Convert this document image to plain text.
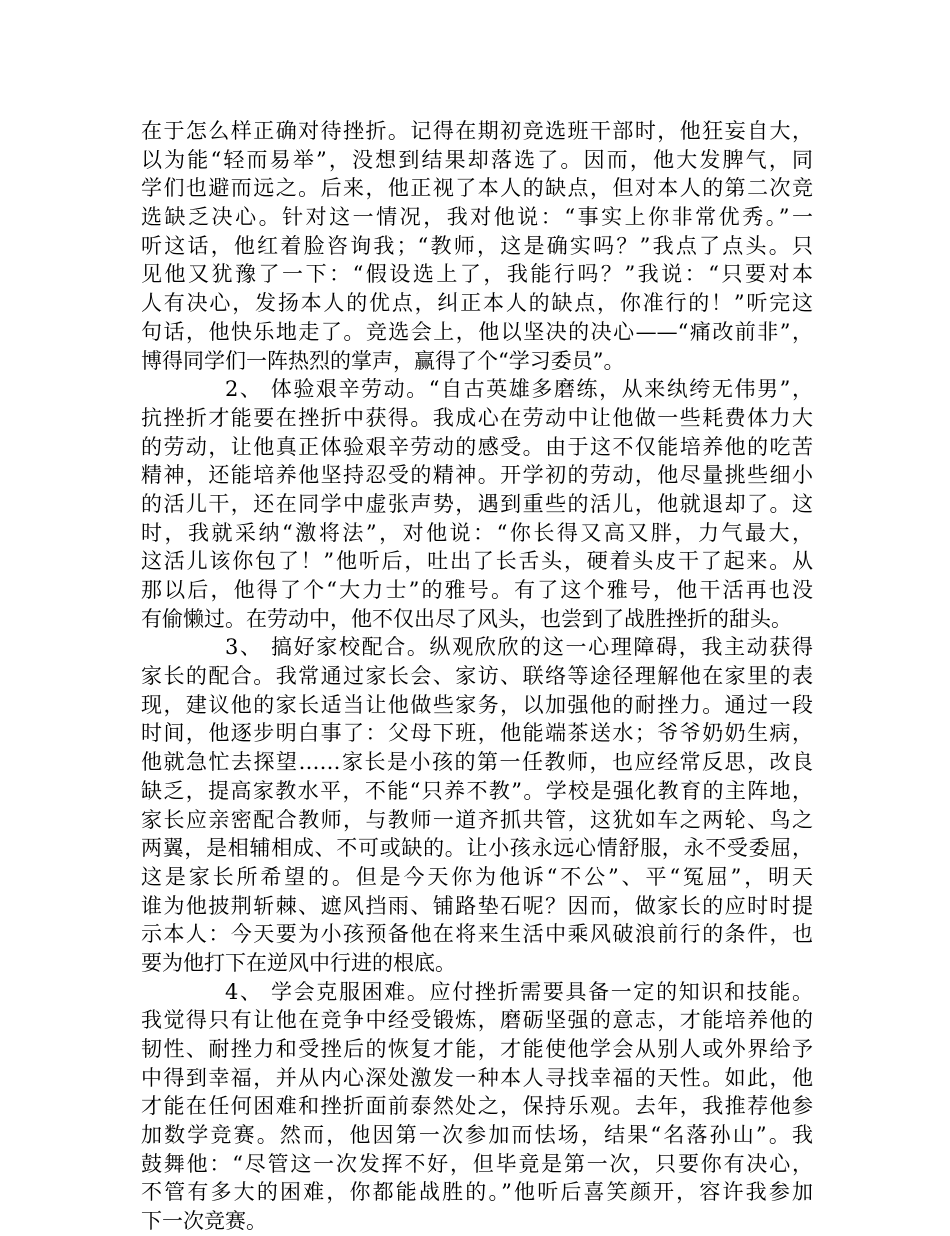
在于怎么样正确对待挫折。记得在期初竞选班干部时，他狂妄自大，
以为能“轻而易举”，没想到结果却落选了。因而，他大发脾气，同
学们也避而远之。后来，他正视了本人的缺点，但对本人的第二次竞
选缺乏决心。针对这一情况，我对他说：“事实上你非常优秀。”一
听这话，他红着脸咨询我；“教师，这是确实吗？”我点了点头。只
见他又犹豫了一下：“假设选上了，我能行吗？”我说：“只要对本
人有决心，发扬本人的优点，纠正本人的缺点，你准行的！”听完这
句话，他快乐地走了。竞选会上，他以坚决的决心——“痛改前非”，
博得同学们一阵热烈的掌声，赢得了个“学习委员”。
2、 体验艰辛劳动。“自古英雄多磨练，从来纨绔无伟男”，
抗挫折才能要在挫折中获得。我成心在劳动中让他做一些耗费体力大
的劳动，让他真正体验艰辛劳动的感受。由于这不仅能培养他的吃苦
精神，还能培养他坚持忍受的精神。开学初的劳动，他尽量挑些细小
的活儿干，还在同学中虚张声势，遇到重些的活儿，他就退却了。这
时，我就采纳“激将法”，对他说：“你长得又高又胖，力气最大，
这活儿该你包了！”他听后，吐出了长舌头，硬着头皮干了起来。从
那以后，他得了个“大力士”的雅号。有了这个雅号，他干活再也没
有偷懒过。在劳动中，他不仅出尽了风头，也尝到了战胜挫折的甜头。
3、 搞好家校配合。纵观欣欣的这一心理障碍，我主动获得
家长的配合。我常通过家长会、家访、联络等途径理解他在家里的表
现，建议他的家长适当让他做些家务，以加强他的耐挫力。通过一段
时间，他逐步明白事了：父母下班，他能端茶送水；爷爷奶奶生病，
他就急忙去探望……家长是小孩的第一任教师，也应经常反思，改良
缺乏，提高家教水平，不能“只养不教”。学校是强化教育的主阵地，
家长应亲密配合教师，与教师一道齐抓共管，这犹如车之两轮、鸟之
两翼，是相辅相成、不可或缺的。让小孩永远心情舒服，永不受委屈，
这是家长所希望的。但是今天你为他诉“不公”、平“冤屈”，明天
谁为他披荆斩棘、遮风挡雨、铺路垫石呢？因而，做家长的应时时提
示本人：今天要为小孩预备他在将来生活中乘风破浪前行的条件，也
要为他打下在逆风中行进的根底。
4、 学会克服困难。应付挫折需要具备一定的知识和技能。
我觉得只有让他在竞争中经受锻炼，磨砺坚强的意志，才能培养他的
韧性、耐挫力和受挫后的恢复才能，才能使他学会从别人或外界给予
中得到幸福，并从内心深处激发一种本人寻找幸福的天性。如此，他
才能在任何困难和挫折面前泰然处之，保持乐观。去年，我推荐他参
加数学竞赛。然而，他因第一次参加而怯场，结果“名落孙山”。我
鼓舞他：“尽管这一次发挥不好，但毕竟是第一次，只要你有决心，
不管有多大的困难，你都能战胜的。”他听后喜笑颜开，容许我参加
下一次竞赛。
